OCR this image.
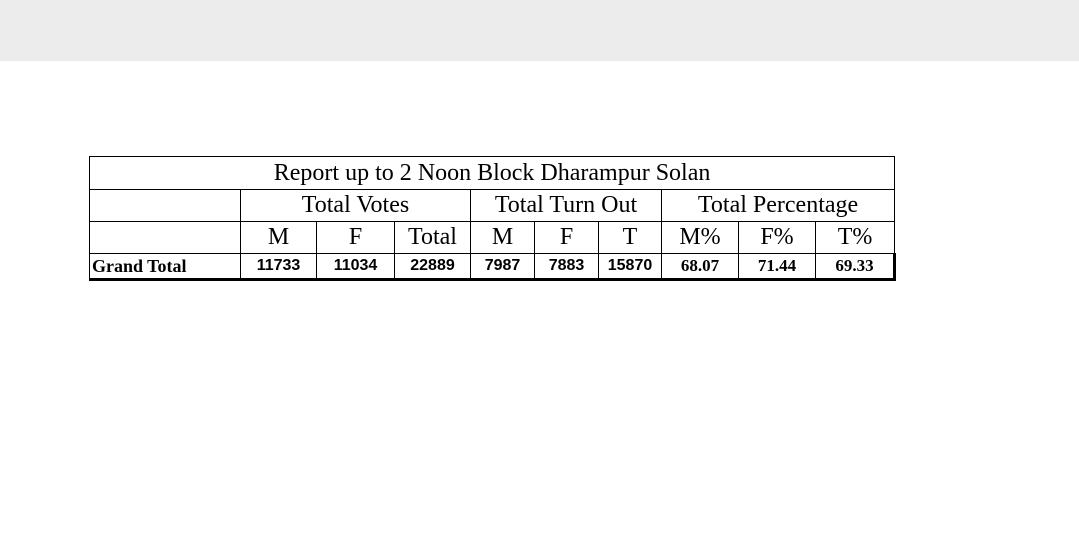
Report up to 2 Noon Block Dharampur Solan									
	Total Votes			Total Turn Out			Total Percentage		
	M	F	Total	M	F	T	M%	F%	T%
Grand Total	11733	11034	22889	7987	7883	15870	68.07	71.44	69.33
